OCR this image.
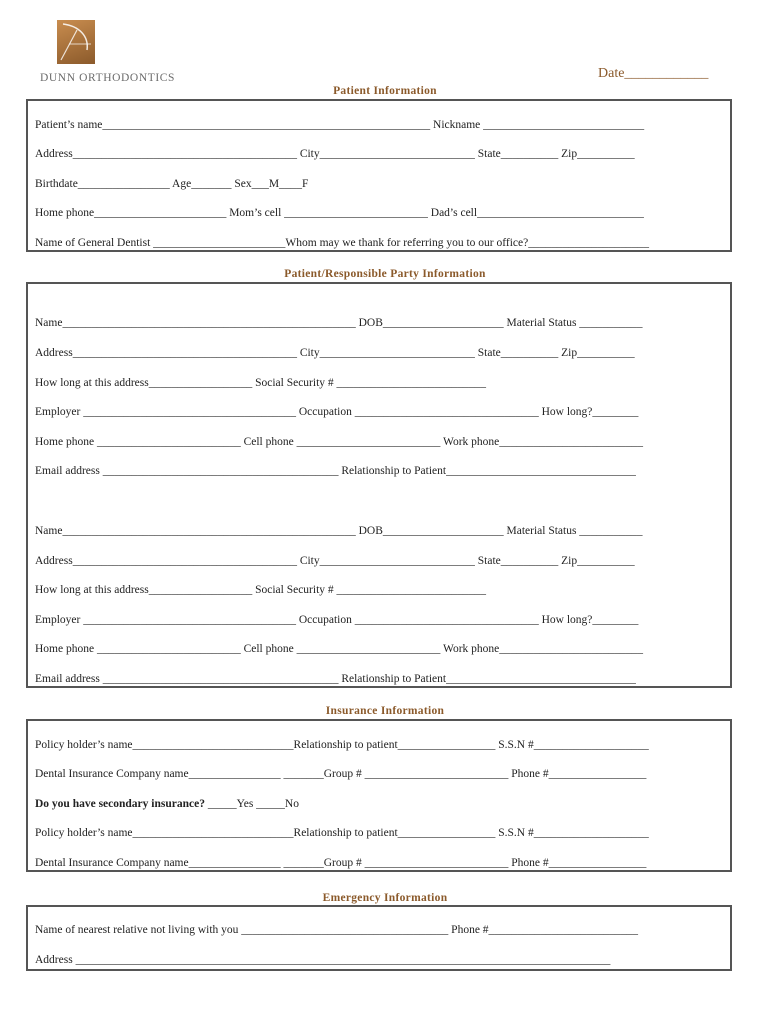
DUNN ORTHODONTICS	Date____________
Patient Information
Patient’s name_________________________________________________________ Nickname ____________________________
Address_______________________________________ City___________________________ State__________ Zip__________
Birthdate________________ Age_______ Sex___M____F
Home phone_______________________ Mom’s cell _________________________ Dad’s cell_____________________________
Name of General Dentist _______________________Whom may we thank for referring you to our office?_____________________
Patient/Responsible Party Information
Name___________________________________________________ DOB_____________________ Material Status ___________
Address_______________________________________ City___________________________ State__________ Zip__________
How long at this address__________________ Social Security # __________________________
Employer _____________________________________ Occupation ________________________________ How long?________
Home phone _________________________ Cell phone _________________________ Work phone_________________________
Email address _________________________________________ Relationship to Patient_________________________________
Name___________________________________________________ DOB_____________________ Material Status ___________
Address_______________________________________ City___________________________ State__________ Zip__________
How long at this address__________________ Social Security # __________________________
Employer _____________________________________ Occupation ________________________________ How long?________
Home phone _________________________ Cell phone _________________________ Work phone_________________________
Email address _________________________________________ Relationship to Patient_________________________________
Insurance Information
Policy holder’s name____________________________Relationship to patient_________________ S.S.N #____________________
Dental Insurance Company name________________ _______Group # _________________________ Phone #_________________
Do you have secondary insurance? _____Yes _____No
Policy holder’s name____________________________Relationship to patient_________________ S.S.N #____________________
Dental Insurance Company name________________ _______Group # _________________________ Phone #_________________
Emergency Information
Name of nearest relative not living with you ____________________________________ Phone #__________________________
Address _____________________________________________________________________________________________
